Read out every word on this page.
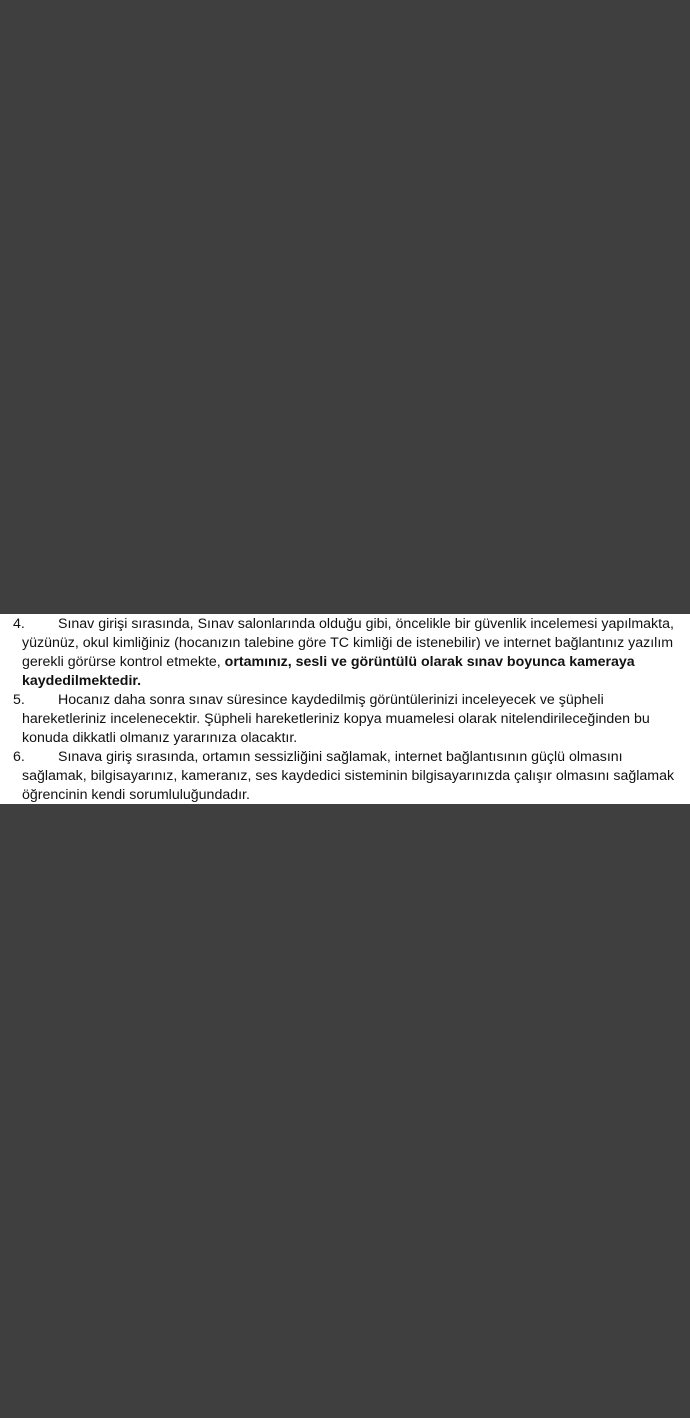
4.	Sınav girişi sırasında, Sınav salonlarında olduğu gibi, öncelikle bir güvenlik incelemesi yapılmakta, yüzünüz, okul kimliğiniz (hocanızın talebine göre TC kimliği de istenebilir) ve internet bağlantınız yazılım gerekli görürse kontrol etmekte, ortamınız, sesli ve görüntülü olarak sınav boyunca kameraya kaydedilmektedir.
5.	Hocanız daha sonra sınav süresince kaydedilmiş görüntülerinizi inceleyecek ve şüpheli hareketleriniz incelenecektir. Şüpheli hareketleriniz kopya muamelesi olarak nitelendirileceğinden bu konuda dikkatli olmanız yararınıza olacaktır.
6.	Sınava giriş sırasında, ortamın sessizliğini sağlamak, internet bağlantısının güçlü olmasını sağlamak, bilgisayarınız, kameranız, ses kaydedici sisteminin bilgisayarınızda çalışır olmasını sağlamak öğrencinin kendi sorumluluğundadır.
